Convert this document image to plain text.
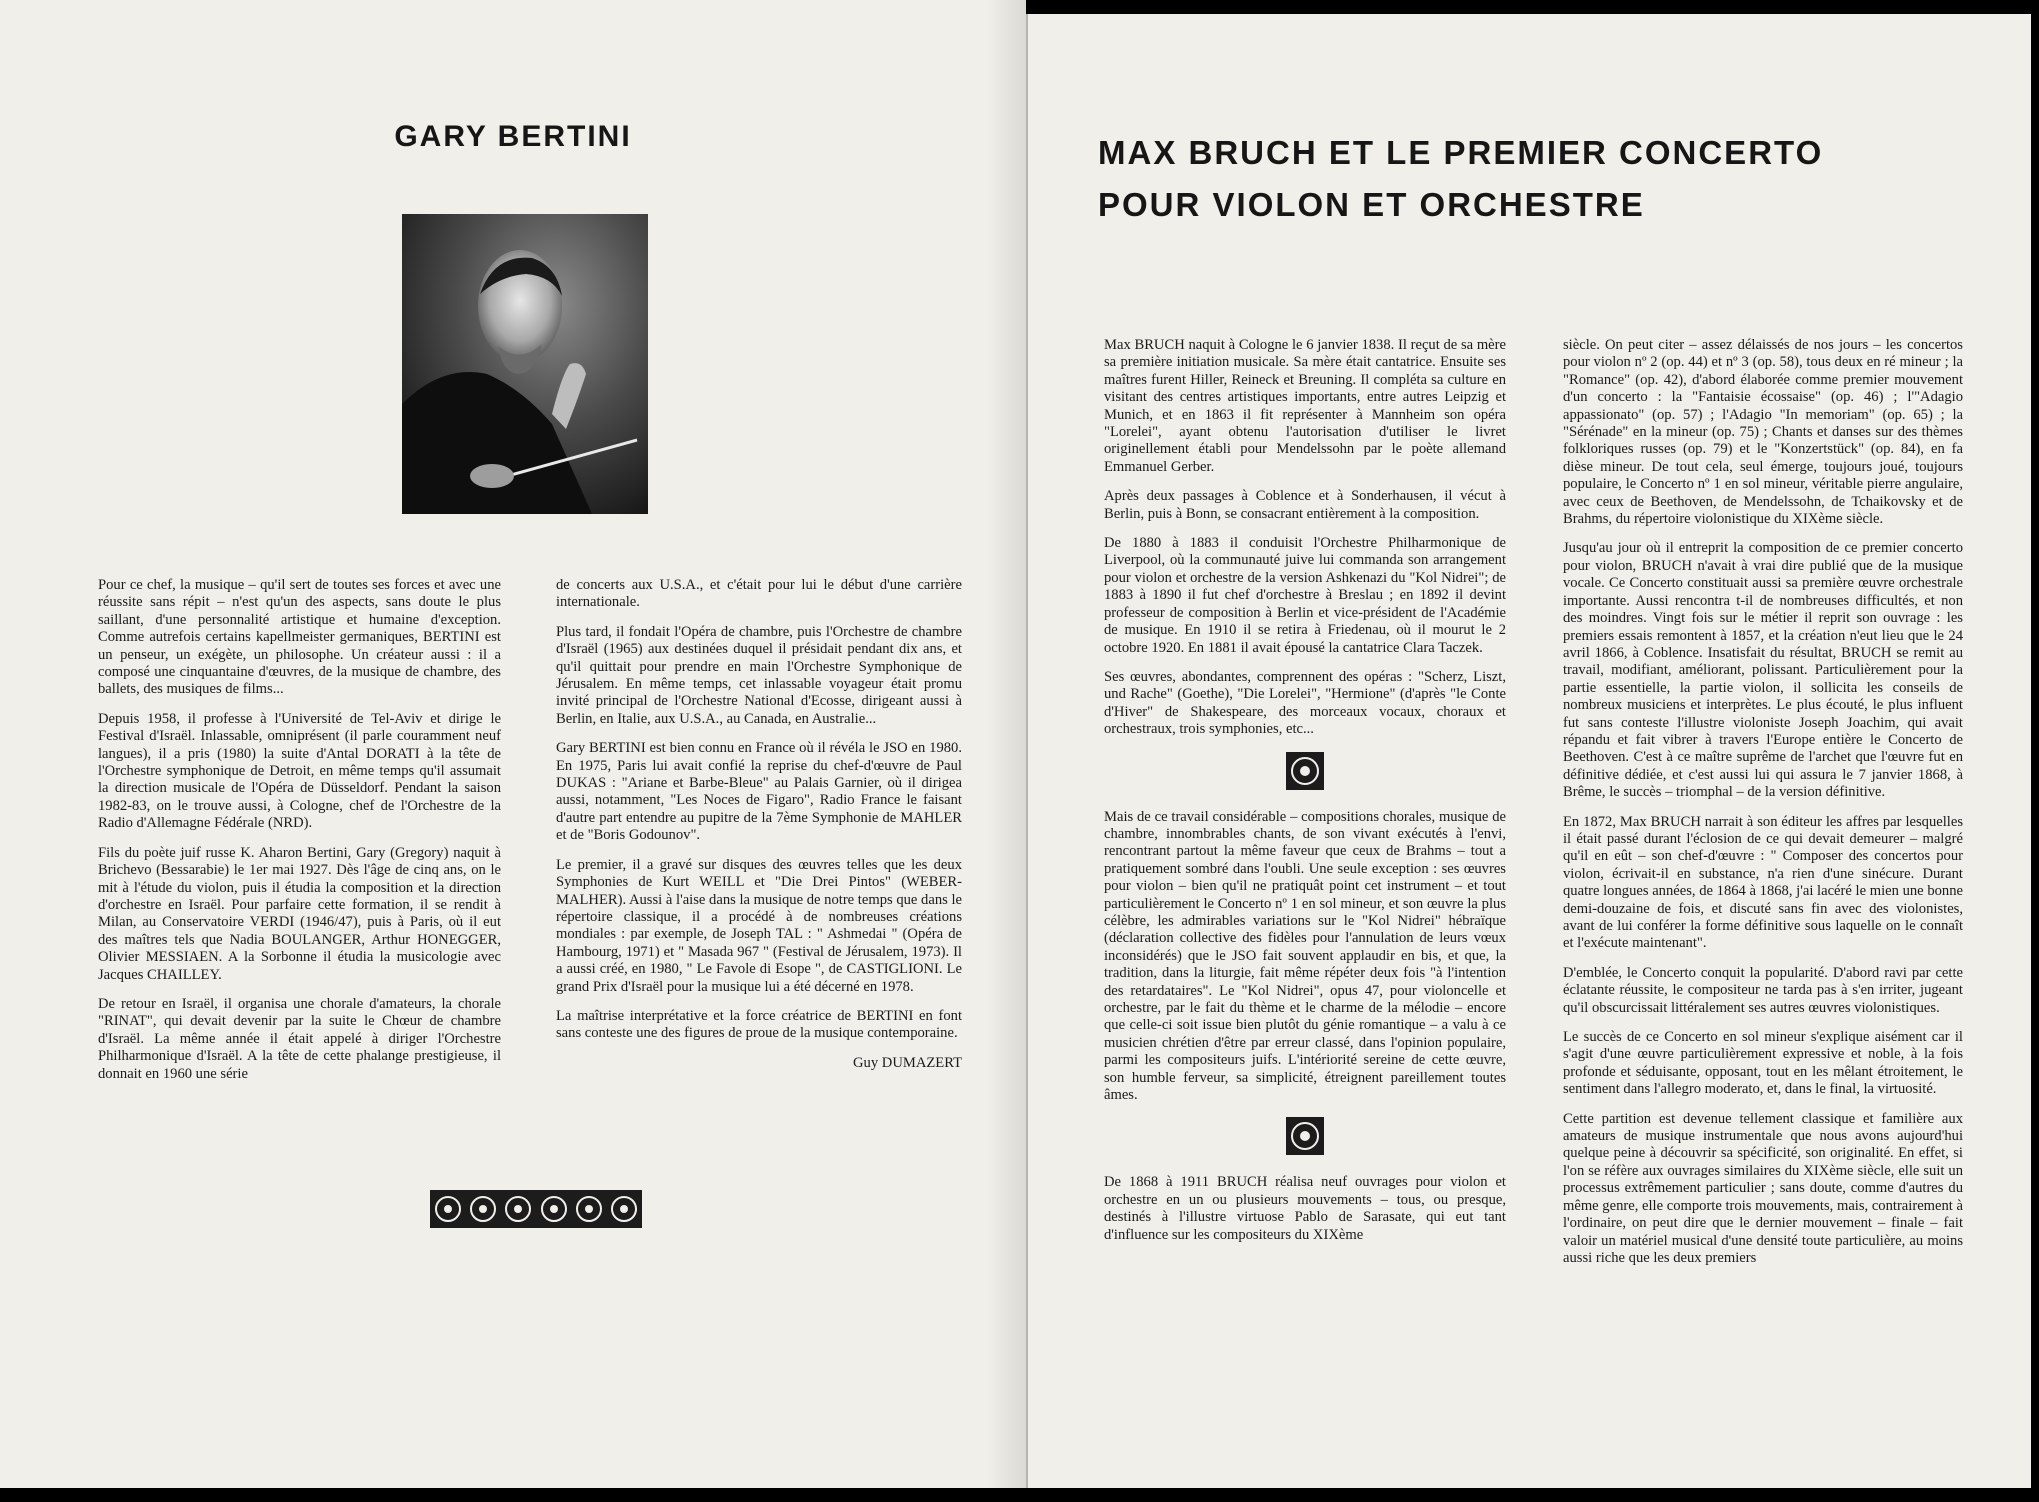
GARY BERTINI

Pour ce chef, la musique – qu'il sert de toutes ses forces et avec une réussite sans répit – n'est qu'un des aspects, sans doute le plus saillant, d'une personnalité artistique et humaine d'exception. Comme autrefois certains kapellmeister germaniques, BERTINI est un penseur, un exégète, un philosophe. Un créateur aussi : il a composé une cinquantaine d'œuvres, de la musique de chambre, des ballets, des musiques de films...

Depuis 1958, il professe à l'Université de Tel-Aviv et dirige le Festival d'Israël. Inlassable, omniprésent (il parle couramment neuf langues), il a pris (1980) la suite d'Antal DORATI à la tête de l'Orchestre symphonique de Detroit, en même temps qu'il assumait la direction musicale de l'Opéra de Düsseldorf. Pendant la saison 1982-83, on le trouve aussi, à Cologne, chef de l'Orchestre de la Radio d'Allemagne Fédérale (NRD).

Fils du poète juif russe K. Aharon Bertini, Gary (Gregory) naquit à Brichevo (Bessarabie) le 1er mai 1927. Dès l'âge de cinq ans, on le mit à l'étude du violon, puis il étudia la composition et la direction d'orchestre en Israël. Pour parfaire cette formation, il se rendit à Milan, au Conservatoire VERDI (1946/47), puis à Paris, où il eut des maîtres tels que Nadia BOULANGER, Arthur HONEGGER, Olivier MESSIAEN. A la Sorbonne il étudia la musicologie avec Jacques CHAILLEY.

De retour en Israël, il organisa une chorale d'amateurs, la chorale "RINAT", qui devait devenir par la suite le Chœur de chambre d'Israël. La même année il était appelé à diriger l'Orchestre Philharmonique d'Israël. A la tête de cette phalange prestigieuse, il donnait en 1960 une série

de concerts aux U.S.A., et c'était pour lui le début d'une carrière internationale.

Plus tard, il fondait l'Opéra de chambre, puis l'Orchestre de chambre d'Israël (1965) aux destinées duquel il présidait pendant dix ans, et qu'il quittait pour prendre en main l'Orchestre Symphonique de Jérusalem. En même temps, cet inlassable voyageur était promu invité principal de l'Orchestre National d'Ecosse, dirigeant aussi à Berlin, en Italie, aux U.S.A., au Canada, en Australie...

Gary BERTINI est bien connu en France où il révéla le JSO en 1980. En 1975, Paris lui avait confié la reprise du chef-d'œuvre de Paul DUKAS : "Ariane et Barbe-Bleue" au Palais Garnier, où il dirigea aussi, notamment, "Les Noces de Figaro", Radio France le faisant d'autre part entendre au pupitre de la 7ème Symphonie de MAHLER et de "Boris Godounov".

Le premier, il a gravé sur disques des œuvres telles que les deux Symphonies de Kurt WEILL et "Die Drei Pintos" (WEBER-MALHER). Aussi à l'aise dans la musique de notre temps que dans le répertoire classique, il a procédé à de nombreuses créations mondiales : par exemple, de Joseph TAL : " Ashmedai " (Opéra de Hambourg, 1971) et " Masada 967 " (Festival de Jérusalem, 1973). Il a aussi créé, en 1980, " Le Favole di Esope ", de CASTIGLIONI. Le grand Prix d'Israël pour la musique lui a été décerné en 1978.

La maîtrise interprétative et la force créatrice de BERTINI en font sans conteste une des figures de proue de la musique contemporaine.

Guy DUMAZERT
MAX BRUCH ET LE PREMIER CONCERTO
POUR VIOLON ET ORCHESTRE

Max BRUCH naquit à Cologne le 6 janvier 1838. Il reçut de sa mère sa première initiation musicale. Sa mère était cantatrice. Ensuite ses maîtres furent Hiller, Reineck et Breuning. Il compléta sa culture en visitant des centres artistiques importants, entre autres Leipzig et Munich, et en 1863 il fit représenter à Mannheim son opéra "Lorelei", ayant obtenu l'autorisation d'utiliser le livret originellement établi pour Mendelssohn par le poète allemand Emmanuel Gerber.

Après deux passages à Coblence et à Sonderhausen, il vécut à Berlin, puis à Bonn, se consacrant entièrement à la composition.

De 1880 à 1883 il conduisit l'Orchestre Philharmonique de Liverpool, où la communauté juive lui commanda son arrangement pour violon et orchestre de la version Ashkenazi du "Kol Nidrei"; de 1883 à 1890 il fut chef d'orchestre à Breslau ; en 1892 il devint professeur de composition à Berlin et vice-président de l'Académie de musique. En 1910 il se retira à Friedenau, où il mourut le 2 octobre 1920. En 1881 il avait épousé la cantatrice Clara Taczek.

Ses œuvres, abondantes, comprennent des opéras : "Scherz, Liszt, und Rache" (Goethe), "Die Lorelei", "Hermione" (d'après "le Conte d'Hiver" de Shakespeare, des morceaux vocaux, choraux et orchestraux, trois symphonies, etc...

Mais de ce travail considérable – compositions chorales, musique de chambre, innombrables chants, de son vivant exécutés à l'envi, rencontrant partout la même faveur que ceux de Brahms – tout a pratiquement sombré dans l'oubli. Une seule exception : ses œuvres pour violon – bien qu'il ne pratiquât point cet instrument – et tout particulièrement le Concerto nº 1 en sol mineur, et son œuvre la plus célèbre, les admirables variations sur le "Kol Nidrei" hébraïque (déclaration collective des fidèles pour l'annulation de leurs vœux inconsidérés) que le JSO fait souvent applaudir en bis, et que, la tradition, dans la liturgie, fait même répéter deux fois "à l'intention des retardataires". Le "Kol Nidrei", opus 47, pour violoncelle et orchestre, par le fait du thème et le charme de la mélodie – encore que celle-ci soit issue bien plutôt du génie romantique – a valu à ce musicien chrétien d'être par erreur classé, dans l'opinion populaire, parmi les compositeurs juifs. L'intériorité sereine de cette œuvre, son humble ferveur, sa simplicité, étreignent pareillement toutes âmes.

De 1868 à 1911 BRUCH réalisa neuf ouvrages pour violon et orchestre en un ou plusieurs mouvements – tous, ou presque, destinés à l'illustre virtuose Pablo de Sarasate, qui eut tant d'influence sur les compositeurs du XIXème

siècle. On peut citer – assez délaissés de nos jours – les concertos pour violon nº 2 (op. 44) et nº 3 (op. 58), tous deux en ré mineur ; la "Romance" (op. 42), d'abord élaborée comme premier mouvement d'un concerto : la "Fantaisie écossaise" (op. 46) ; l'"Adagio appassionato" (op. 57) ; l'Adagio "In memoriam" (op. 65) ; la "Sérénade" en la mineur (op. 75) ; Chants et danses sur des thèmes folkloriques russes (op. 79) et le "Konzertstück" (op. 84), en fa dièse mineur. De tout cela, seul émerge, toujours joué, toujours populaire, le Concerto nº 1 en sol mineur, véritable pierre angulaire, avec ceux de Beethoven, de Mendelssohn, de Tchaikovsky et de Brahms, du répertoire violonistique du XIXème siècle.

Jusqu'au jour où il entreprit la composition de ce premier concerto pour violon, BRUCH n'avait à vrai dire publié que de la musique vocale. Ce Concerto constituait aussi sa première œuvre orchestrale importante. Aussi rencontra t-il de nombreuses difficultés, et non des moindres. Vingt fois sur le métier il reprit son ouvrage : les premiers essais remontent à 1857, et la création n'eut lieu que le 24 avril 1866, à Coblence. Insatisfait du résultat, BRUCH se remit au travail, modifiant, améliorant, polissant. Particulièrement pour la partie essentielle, la partie violon, il sollicita les conseils de nombreux musiciens et interprètes. Le plus écouté, le plus influent fut sans conteste l'illustre violoniste Joseph Joachim, qui avait répandu et fait vibrer à travers l'Europe entière le Concerto de Beethoven. C'est à ce maître suprême de l'archet que l'œuvre fut en définitive dédiée, et c'est aussi lui qui assura le 7 janvier 1868, à Brême, le succès – triomphal – de la version définitive.

En 1872, Max BRUCH narrait à son éditeur les affres par lesquelles il était passé durant l'éclosion de ce qui devait demeurer – malgré qu'il en eût – son chef-d'œuvre : " Composer des concertos pour violon, écrivait-il en substance, n'a rien d'une sinécure. Durant quatre longues années, de 1864 à 1868, j'ai lacéré le mien une bonne demi-douzaine de fois, et discuté sans fin avec des violonistes, avant de lui conférer la forme définitive sous laquelle on le connaît et l'exécute maintenant".

D'emblée, le Concerto conquit la popularité. D'abord ravi par cette éclatante réussite, le compositeur ne tarda pas à s'en irriter, jugeant qu'il obscurcissait littéralement ses autres œuvres violonistiques.

Le succès de ce Concerto en sol mineur s'explique aisément car il s'agit d'une œuvre particulièrement expressive et noble, à la fois profonde et séduisante, opposant, tout en les mêlant étroitement, le sentiment dans l'allegro moderato, et, dans le final, la virtuosité.

Cette partition est devenue tellement classique et familière aux amateurs de musique instrumentale que nous avons aujourd'hui quelque peine à découvrir sa spécificité, son originalité. En effet, si l'on se réfère aux ouvrages similaires du XIXème siècle, elle suit un processus extrêmement particulier ; sans doute, comme d'autres du même genre, elle comporte trois mouvements, mais, contrairement à l'ordinaire, on peut dire que le dernier mouvement – finale – fait valoir un matériel musical d'une densité toute particulière, au moins aussi riche que les deux premiers
